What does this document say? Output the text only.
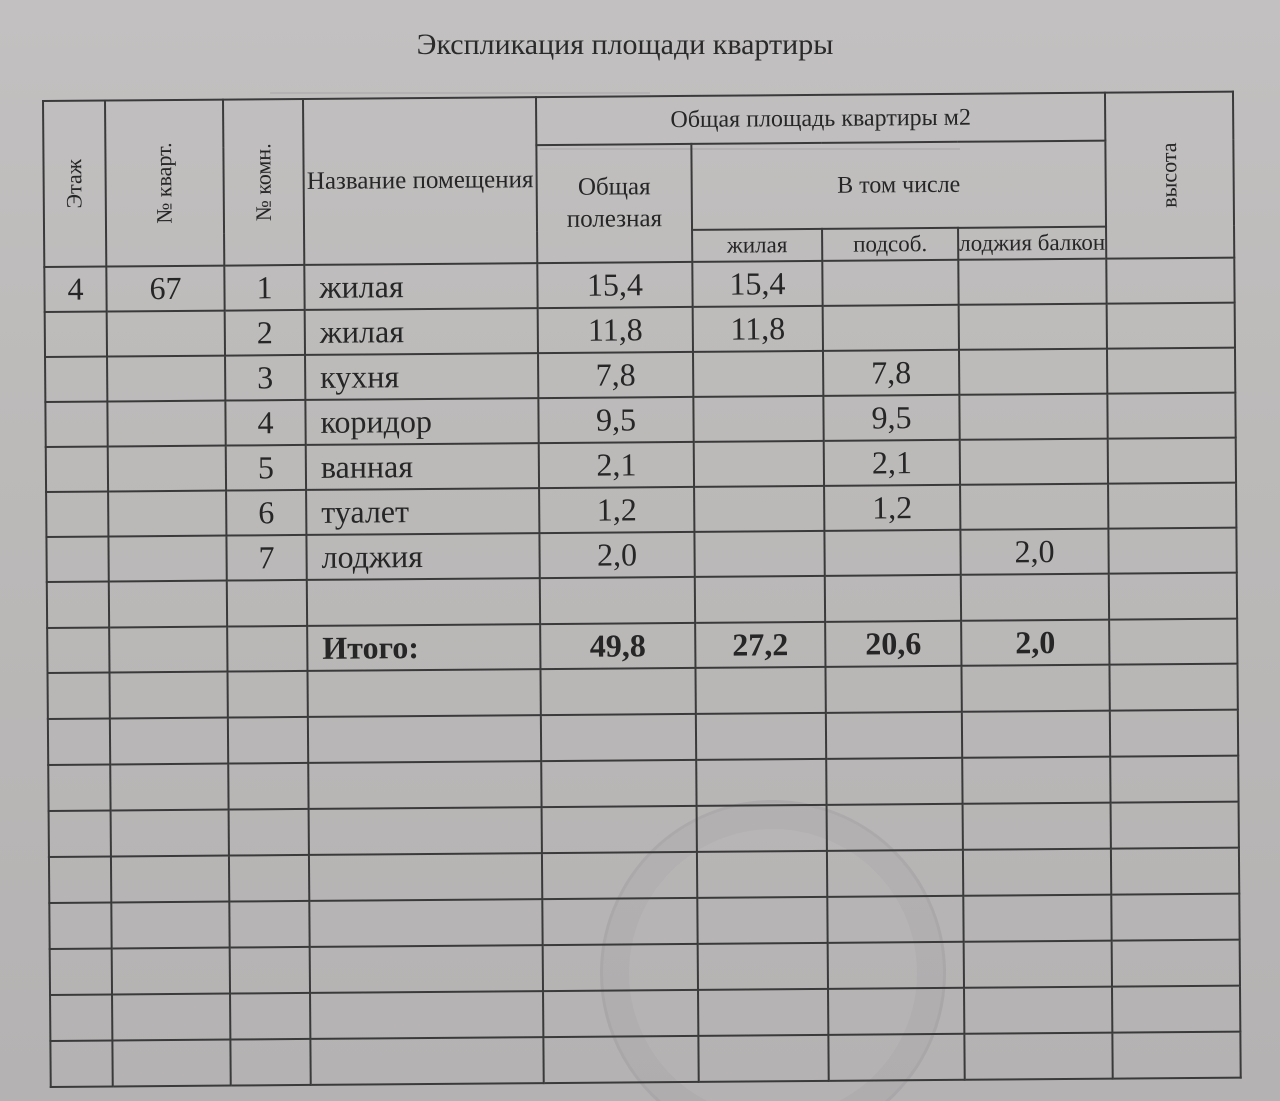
Экспликация площади квартиры
Этаж	№ кварт.	№ комн.	Название помещения	Общая площадь квартиры м2				высота
				Общая полезная	В том числе			
					жилая	подсоб.	лоджия балкон	
4	67	1	жилая	15,4	15,4			
		2	жилая	11,8	11,8			
		3	кухня	7,8		7,8		
		4	коридор	9,5		9,5		
		5	ванная	2,1		2,1		
		6	туалет	1,2		1,2		
		7	лоджия	2,0			2,0	

			Итого:	49,8	27,2	20,6	2,0	
